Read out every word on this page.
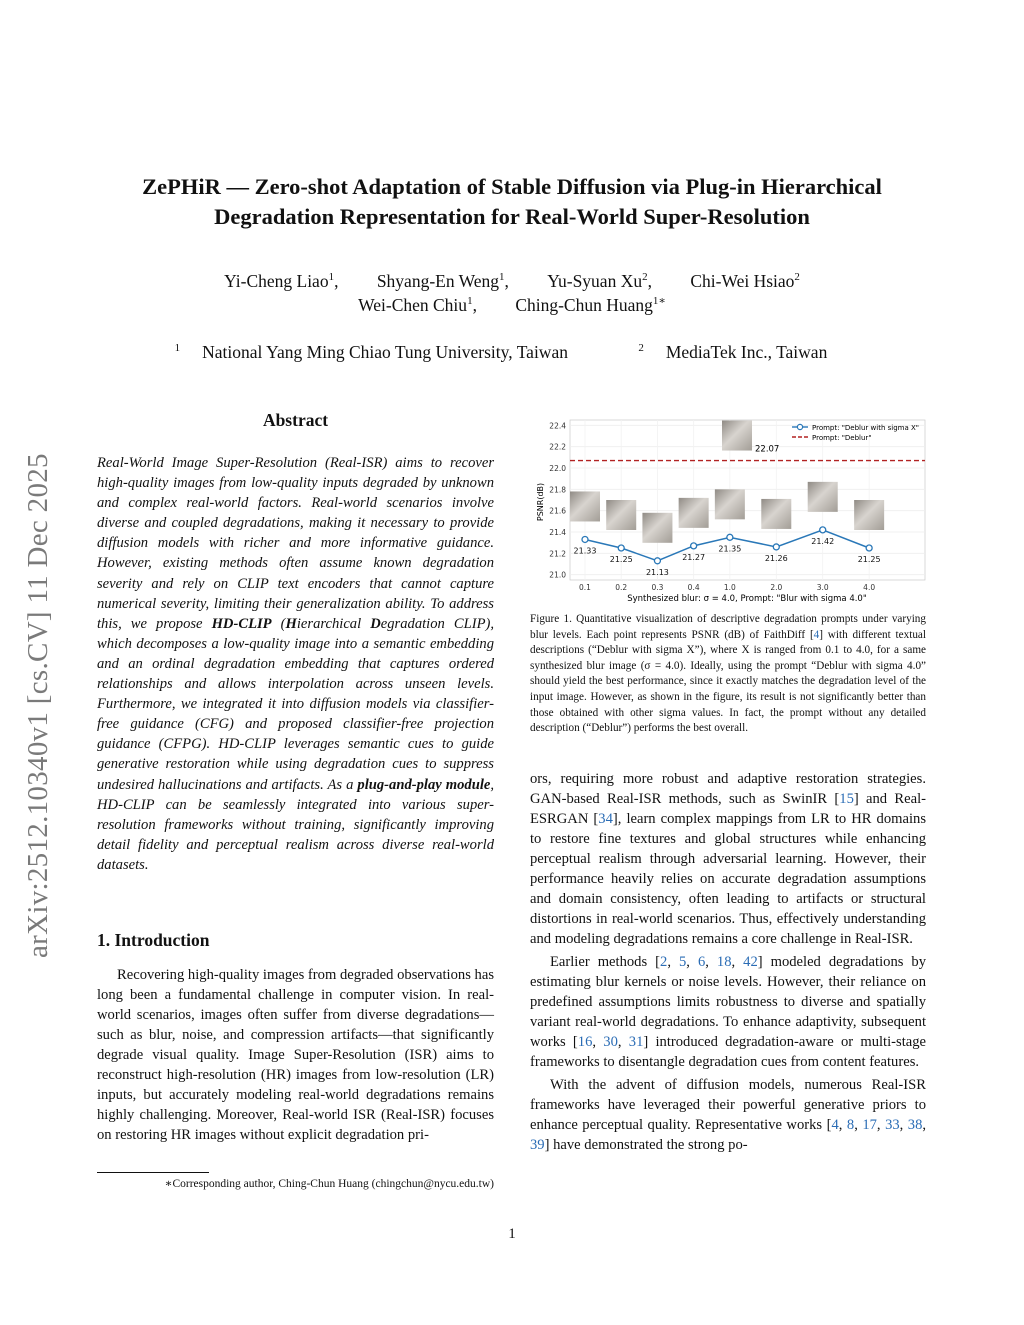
ZePHiR — Zero-shot Adaptation of Stable Diffusion via Plug-in Hierarchical
Degradation Representation for Real-World Super-Resolution
Yi-Cheng Liao$^1$, Shyang-En Weng$^1$, Yu-Syuan Xu$^2$, Chi-Wei Hsiao$^2$
Wei-Chen Chiu$^1$, Ching-Chun Huang$^{1∗}$
$^1$ National Yang Ming Chiao Tung University, Taiwan	$^2$ MediaTek Inc., Taiwan
arXiv:2512.10340v1 [cs.CV] 11 Dec 2025
Abstract
Real-World Image Super-Resolution (Real-ISR) aims to recover high-quality images from low-quality inputs degraded by unknown and complex real-world factors. Real-world scenarios involve diverse and coupled degradations, making it necessary to provide diffusion models with richer and more informative guidance. However, existing methods often assume known degradation severity and rely on CLIP text encoders that cannot capture numerical severity, limiting their generalization ability. To address this, we propose HD-CLIP (Hierarchical Degradation CLIP), which decomposes a low-quality image into a semantic embedding and an ordinal degradation embedding that captures ordered relationships and allows interpolation across unseen levels. Furthermore, we integrated it into diffusion models via classifier-free guidance (CFG) and proposed classifier-free projection guidance (CFPG). HD-CLIP leverages semantic cues to guide generative restoration while using degradation cues to suppress undesired hallucinations and artifacts. As a plug-and-play module, HD-CLIP can be seamlessly integrated into various super-resolution frameworks without training, significantly improving detail fidelity and perceptual realism across diverse real-world datasets.
1. Introduction

Recovering high-quality images from degraded observations has long been a fundamental challenge in computer vision. In real-world scenarios, images often suffer from diverse degradations—such as blur, noise, and compression artifacts—that significantly degrade visual quality. Image Super-Resolution (ISR) aims to reconstruct high-resolution (HR) images from low-resolution (LR) inputs, but accurately modeling real-world degradations remains highly challenging. Moreover, Real-world ISR (Real-ISR) focuses on restoring HR images without explicit degradation pri-

∗Corresponding author, Ching-Chun Huang (chingchun@nycu.edu.tw)
21.0
21.2
21.4
21.6
21.8
22.0
22.2
22.4
0.1	0.2	0.3	0.4	1.0	2.0	3.0	4.0
22.07
21.33
21.25
21.13
21.27
21.35
21.26
21.42
21.25
PSNR(dB)
Synthesized blur: σ = 4.0, Prompt: "Blur with sigma 4.0"
Prompt: "Deblur with sigma X"
Prompt: "Deblur"
Figure 1. Quantitative visualization of descriptive degradation prompts under varying blur levels. Each point represents PSNR (dB) of FaithDiff [4] with different textual descriptions (“Deblur with sigma X”), where X is ranged from 0.1 to 4.0, for a same synthesized blur image (σ = 4.0). Ideally, using the prompt “Deblur with sigma 4.0” should yield the best performance, since it exactly matches the degradation level of the input image. However, as shown in the figure, its result is not significantly better than those obtained with other sigma values. In fact, the prompt without any detailed description (“Deblur”) performs the best overall.

ors, requiring more robust and adaptive restoration strategies. GAN-based Real-ISR methods, such as SwinIR [15] and Real-ESRGAN [34], learn complex mappings from LR to HR domains to restore fine textures and global structures while enhancing perceptual realism through adversarial learning. However, their performance heavily relies on accurate degradation assumptions and domain consistency, often leading to artifacts or structural distortions in real-world scenarios. Thus, effectively understanding and modeling degradations remains a core challenge in Real-ISR.

Earlier methods [2, 5, 6, 18, 42] modeled degradations by estimating blur kernels or noise levels. However, their reliance on predefined assumptions limits robustness to diverse and spatially variant real-world degradations. To enhance adaptivity, subsequent works [16, 30, 31] introduced degradation-aware or multi-stage frameworks to disentangle degradation cues from content features.

With the advent of diffusion models, numerous Real-ISR frameworks have leveraged their powerful generative priors to enhance perceptual quality. Representative works [4, 8, 17, 33, 38, 39] have demonstrated the strong po-

1
